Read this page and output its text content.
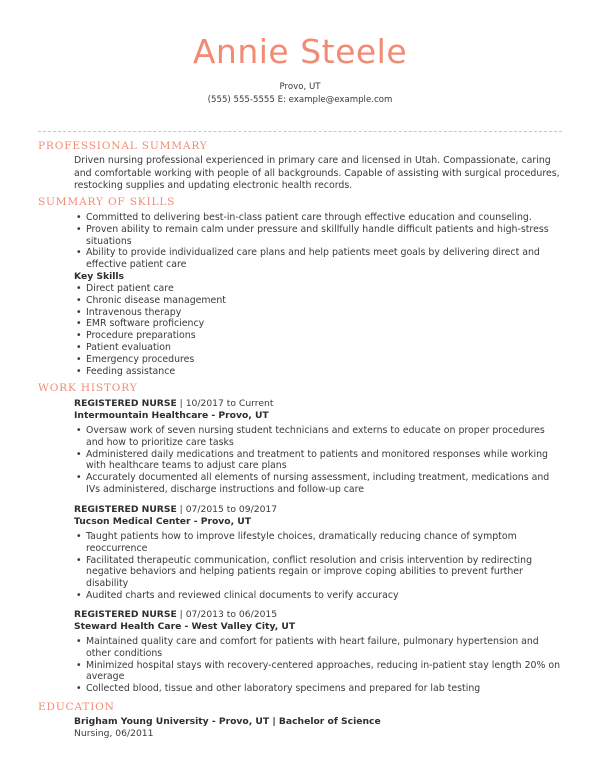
Annie Steele
Provo, UT
(555) 555-5555 E: example@example.com
PROFESSIONAL SUMMARY
Driven nursing professional experienced in primary care and licensed in Utah. Compassionate, caring and comfortable working with people of all backgrounds. Capable of assisting with surgical procedures, restocking supplies and updating electronic health records.
SUMMARY OF SKILLS
• Committed to delivering best-in-class patient care through effective education and counseling.
• Proven ability to remain calm under pressure and skillfully handle difficult patients and high-stress situations
• Ability to provide individualized care plans and help patients meet goals by delivering direct and effective patient care
Key Skills
• Direct patient care
• Chronic disease management
• Intravenous therapy
• EMR software proficiency
• Procedure preparations
• Patient evaluation
• Emergency procedures
• Feeding assistance
WORK HISTORY
REGISTERED NURSE | 10/2017 to Current
Intermountain Healthcare - Provo, UT
• Oversaw work of seven nursing student technicians and externs to educate on proper procedures and how to prioritize care tasks
• Administered daily medications and treatment to patients and monitored responses while working with healthcare teams to adjust care plans
• Accurately documented all elements of nursing assessment, including treatment, medications and IVs administered, discharge instructions and follow-up care
REGISTERED NURSE | 07/2015 to 09/2017
Tucson Medical Center - Provo, UT
• Taught patients how to improve lifestyle choices, dramatically reducing chance of symptom reoccurrence
• Facilitated therapeutic communication, conflict resolution and crisis intervention by redirecting negative behaviors and helping patients regain or improve coping abilities to prevent further disability
• Audited charts and reviewed clinical documents to verify accuracy
REGISTERED NURSE | 07/2013 to 06/2015
Steward Health Care - West Valley City, UT
• Maintained quality care and comfort for patients with heart failure, pulmonary hypertension and other conditions
• Minimized hospital stays with recovery-centered approaches, reducing in-patient stay length 20% on average
• Collected blood, tissue and other laboratory specimens and prepared for lab testing
EDUCATION
Brigham Young University - Provo, UT | Bachelor of Science
Nursing, 06/2011
